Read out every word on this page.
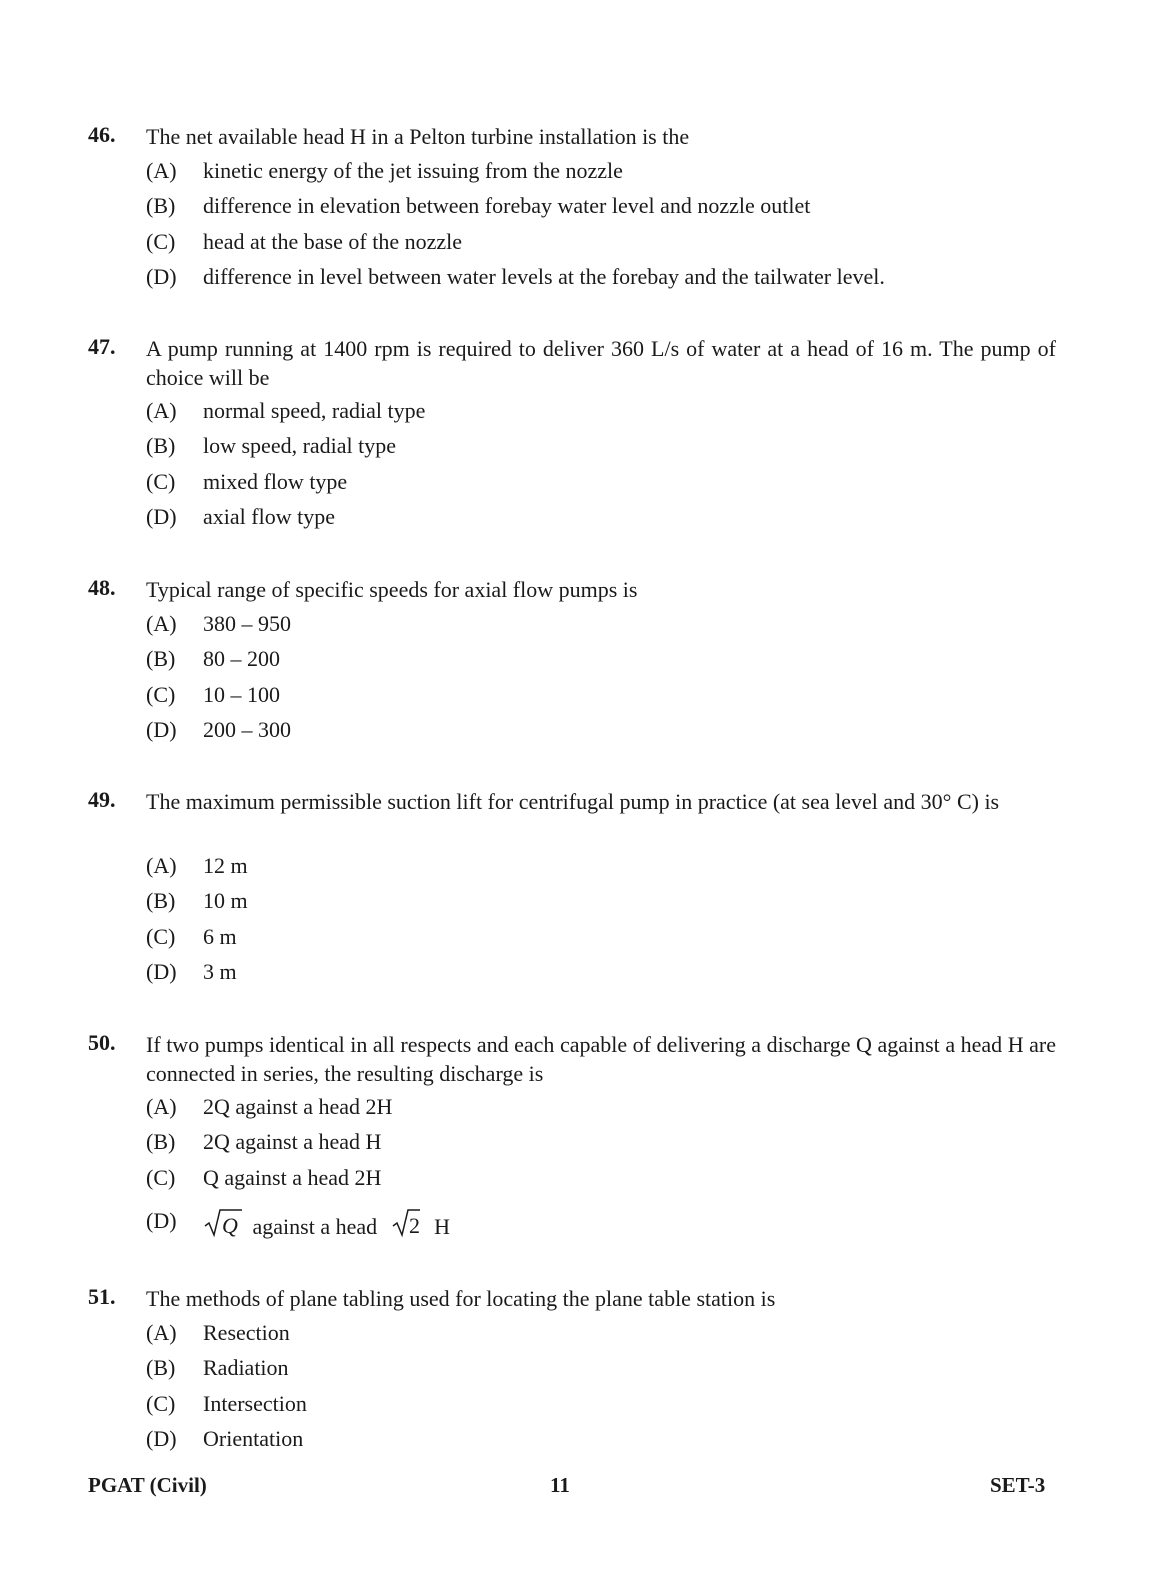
46. The net available head H in a Pelton turbine installation is the
(A) kinetic energy of the jet issuing from the nozzle
(B) difference in elevation between forebay water level and nozzle outlet
(C) head at the base of the nozzle
(D) difference in level between water levels at the forebay and the tailwater level.
47. A pump running at 1400 rpm is required to deliver 360 L/s of water at a head of 16 m. The pump of choice will be
(A) normal speed, radial type
(B) low speed, radial type
(C) mixed flow type
(D) axial flow type
48. Typical range of specific speeds for axial flow pumps is
(A) 380 – 950
(B) 80 – 200
(C) 10 – 100
(D) 200 – 300
49. The maximum permissible suction lift for centrifugal pump in practice (at sea level and 30° C) is
(A) 12 m
(B) 10 m
(C) 6 m
(D) 3 m
50. If two pumps identical in all respects and each capable of delivering a discharge Q against a head H are connected in series, the resulting discharge is
(A) 2Q against a head 2H
(B) 2Q against a head H
(C) Q against a head 2H
(D) Q against a head 2 H
51. The methods of plane tabling used for locating the plane table station is
(A) Resection
(B) Radiation
(C) Intersection
(D) Orientation
PGAT (Civil)	11	SET-3
